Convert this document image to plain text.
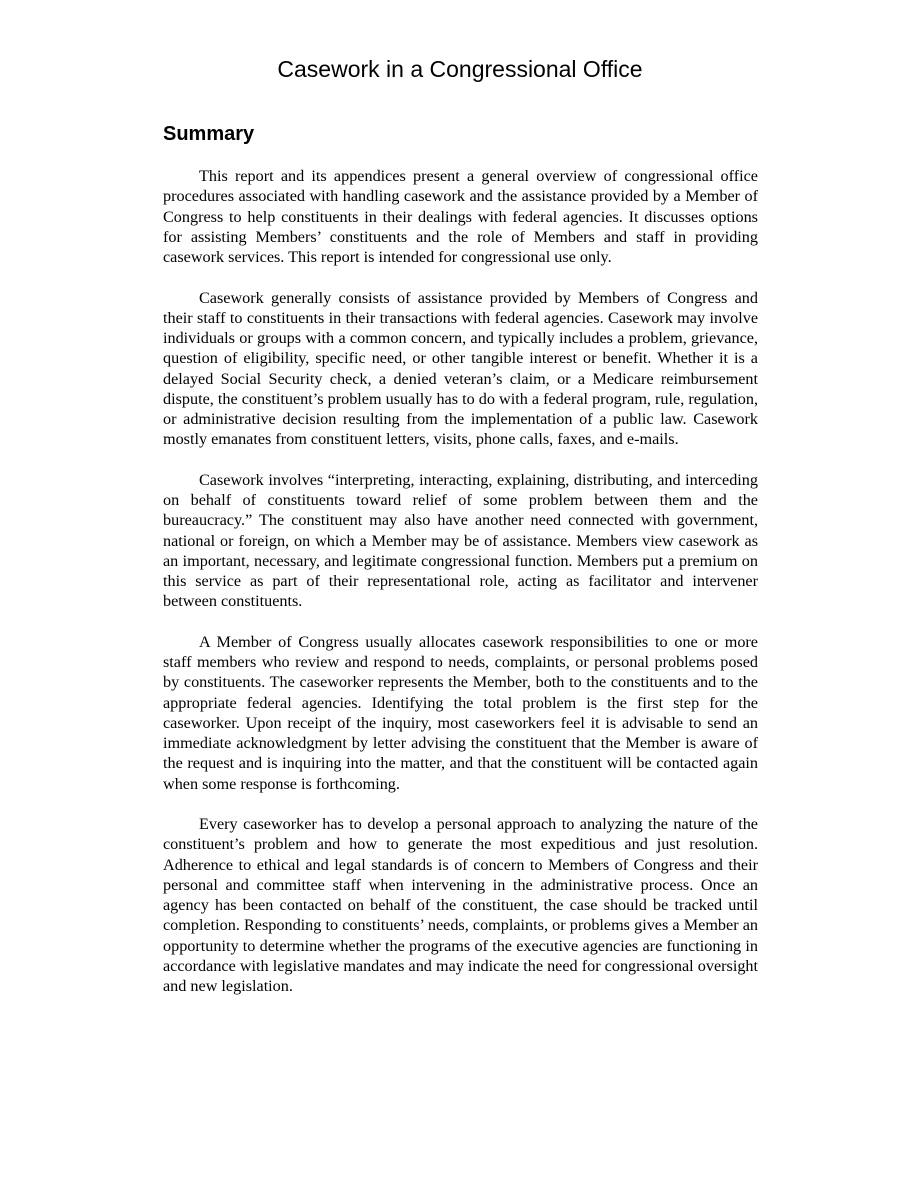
Casework in a Congressional Office
Summary

This report and its appendices present a general overview of congressional office procedures associated with handling casework and the assistance provided by a Member of Congress to help constituents in their dealings with federal agencies. It discusses options for assisting Members’ constituents and the role of Members and staff in providing casework services. This report is intended for congressional use only.

Casework generally consists of assistance provided by Members of Congress and their staff to constituents in their transactions with federal agencies. Casework may involve individuals or groups with a common concern, and typically includes a problem, grievance, question of eligibility, specific need, or other tangible interest or benefit. Whether it is a delayed Social Security check, a denied veteran’s claim, or a Medicare reimbursement dispute, the constituent’s problem usually has to do with a federal program, rule, regulation, or administrative decision resulting from the implementation of a public law. Casework mostly emanates from constituent letters, visits, phone calls, faxes, and e-mails.

Casework involves “interpreting, interacting, explaining, distributing, and interceding on behalf of constituents toward relief of some problem between them and the bureaucracy.” The constituent may also have another need connected with government, national or foreign, on which a Member may be of assistance. Members view casework as an important, necessary, and legitimate congressional function. Members put a premium on this service as part of their representational role, acting as facilitator and intervener between constituents.

A Member of Congress usually allocates casework responsibilities to one or more staff members who review and respond to needs, complaints, or personal problems posed by constituents. The caseworker represents the Member, both to the constituents and to the appropriate federal agencies. Identifying the total problem is the first step for the caseworker. Upon receipt of the inquiry, most caseworkers feel it is advisable to send an immediate acknowledgment by letter advising the constituent that the Member is aware of the request and is inquiring into the matter, and that the constituent will be contacted again when some response is forthcoming.

Every caseworker has to develop a personal approach to analyzing the nature of the constituent’s problem and how to generate the most expeditious and just resolution. Adherence to ethical and legal standards is of concern to Members of Congress and their personal and committee staff when intervening in the administrative process. Once an agency has been contacted on behalf of the constituent, the case should be tracked until completion. Responding to constituents’ needs, complaints, or problems gives a Member an opportunity to determine whether the programs of the executive agencies are functioning in accordance with legislative mandates and may indicate the need for congressional oversight and new legislation.
